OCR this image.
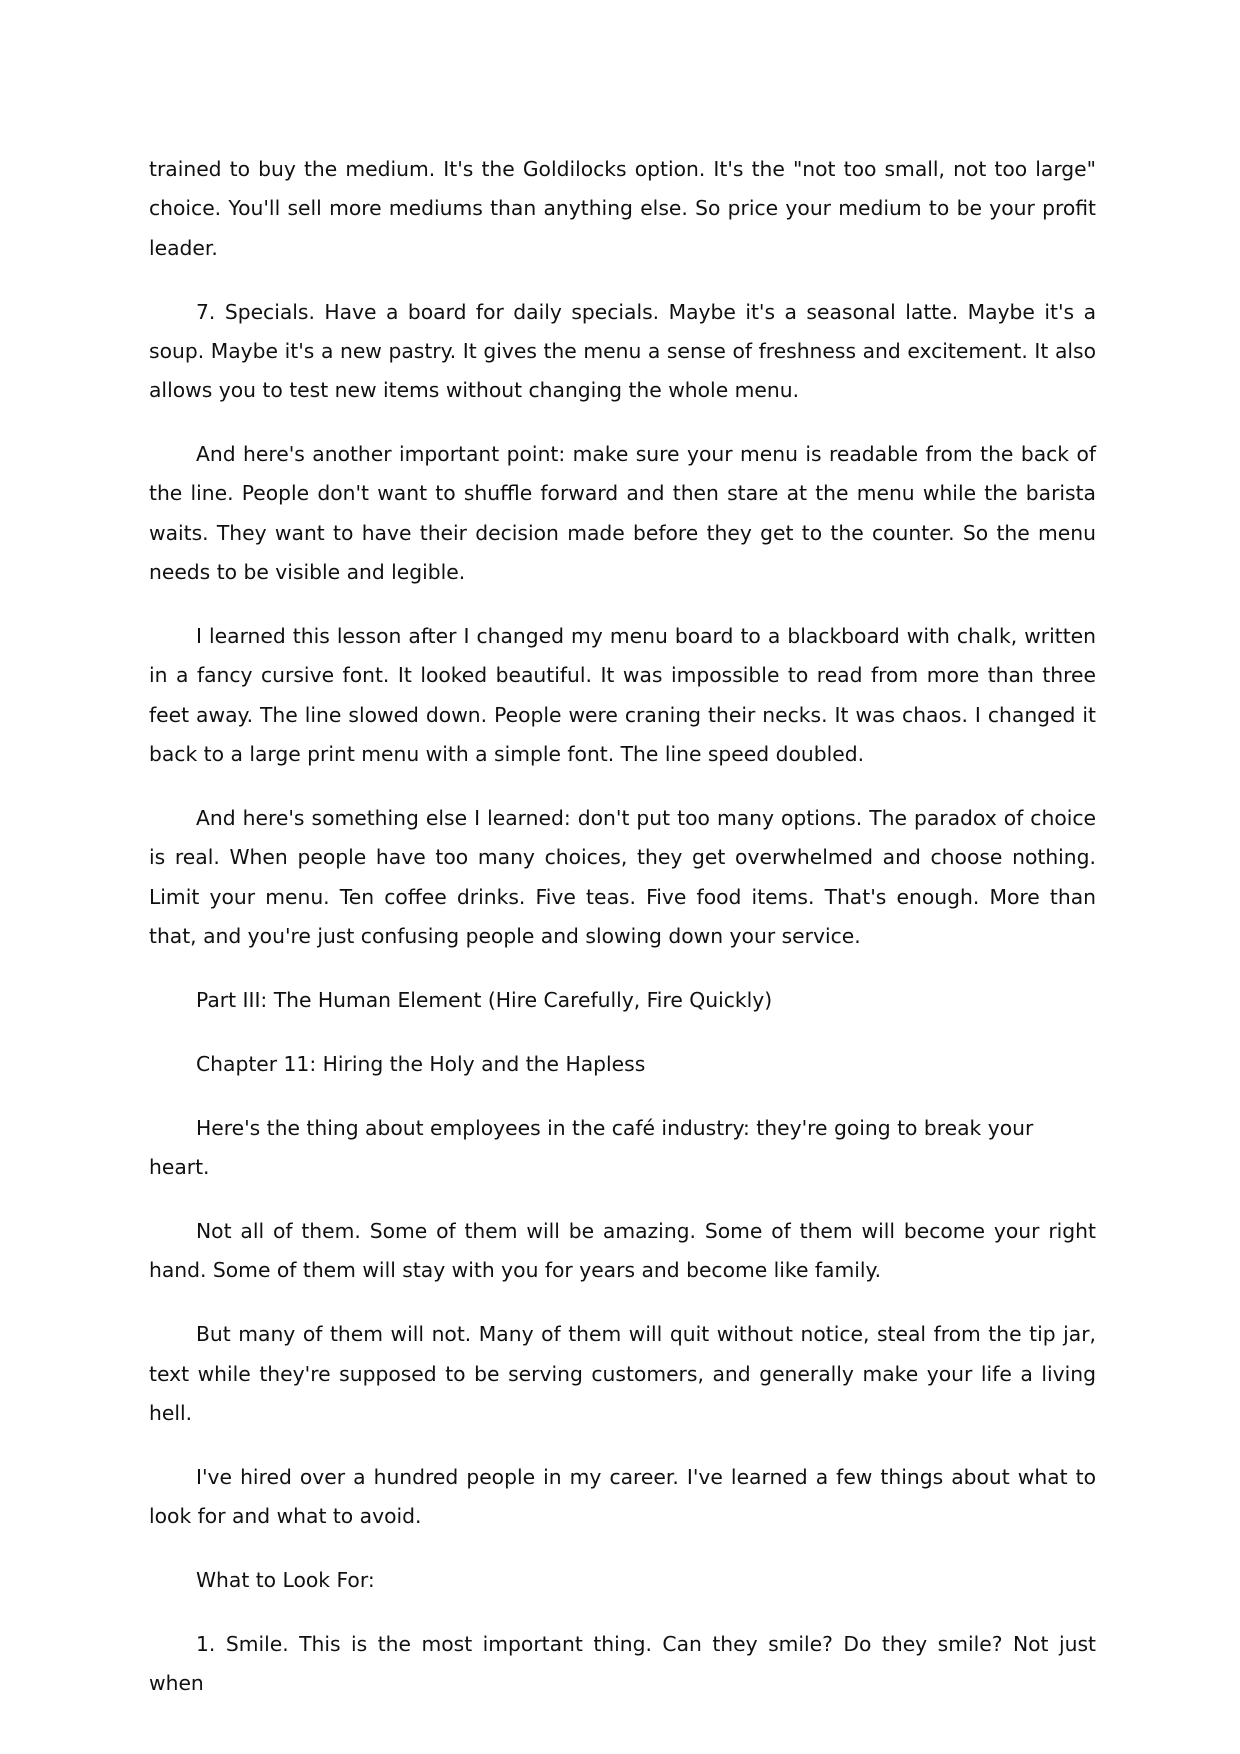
trained to buy the medium. It's the Goldilocks option. It's the "not too small, not too large" choice. You'll sell more mediums than anything else. So price your medium to be your profit leader.

7. Specials. Have a board for daily specials. Maybe it's a seasonal latte. Maybe it's a soup. Maybe it's a new pastry. It gives the menu a sense of freshness and excitement. It also allows you to test new items without changing the whole menu.

And here's another important point: make sure your menu is readable from the back of the line. People don't want to shuffle forward and then stare at the menu while the barista waits. They want to have their decision made before they get to the counter. So the menu needs to be visible and legible.

I learned this lesson after I changed my menu board to a blackboard with chalk, written in a fancy cursive font. It looked beautiful. It was impossible to read from more than three feet away. The line slowed down. People were craning their necks. It was chaos. I changed it back to a large print menu with a simple font. The line speed doubled.

And here's something else I learned: don't put too many options. The paradox of choice is real. When people have too many choices, they get overwhelmed and choose nothing. Limit your menu. Ten coffee drinks. Five teas. Five food items. That's enough. More than that, and you're just confusing people and slowing down your service.

Part III: The Human Element (Hire Carefully, Fire Quickly)

Chapter 11: Hiring the Holy and the Hapless

Here's the thing about employees in the café industry: they're going to break your heart.

Not all of them. Some of them will be amazing. Some of them will become your right hand. Some of them will stay with you for years and become like family.

But many of them will not. Many of them will quit without notice, steal from the tip jar, text while they're supposed to be serving customers, and generally make your life a living hell.

I've hired over a hundred people in my career. I've learned a few things about what to look for and what to avoid.

What to Look For:

1. Smile. This is the most important thing. Can they smile? Do they smile? Not just when
